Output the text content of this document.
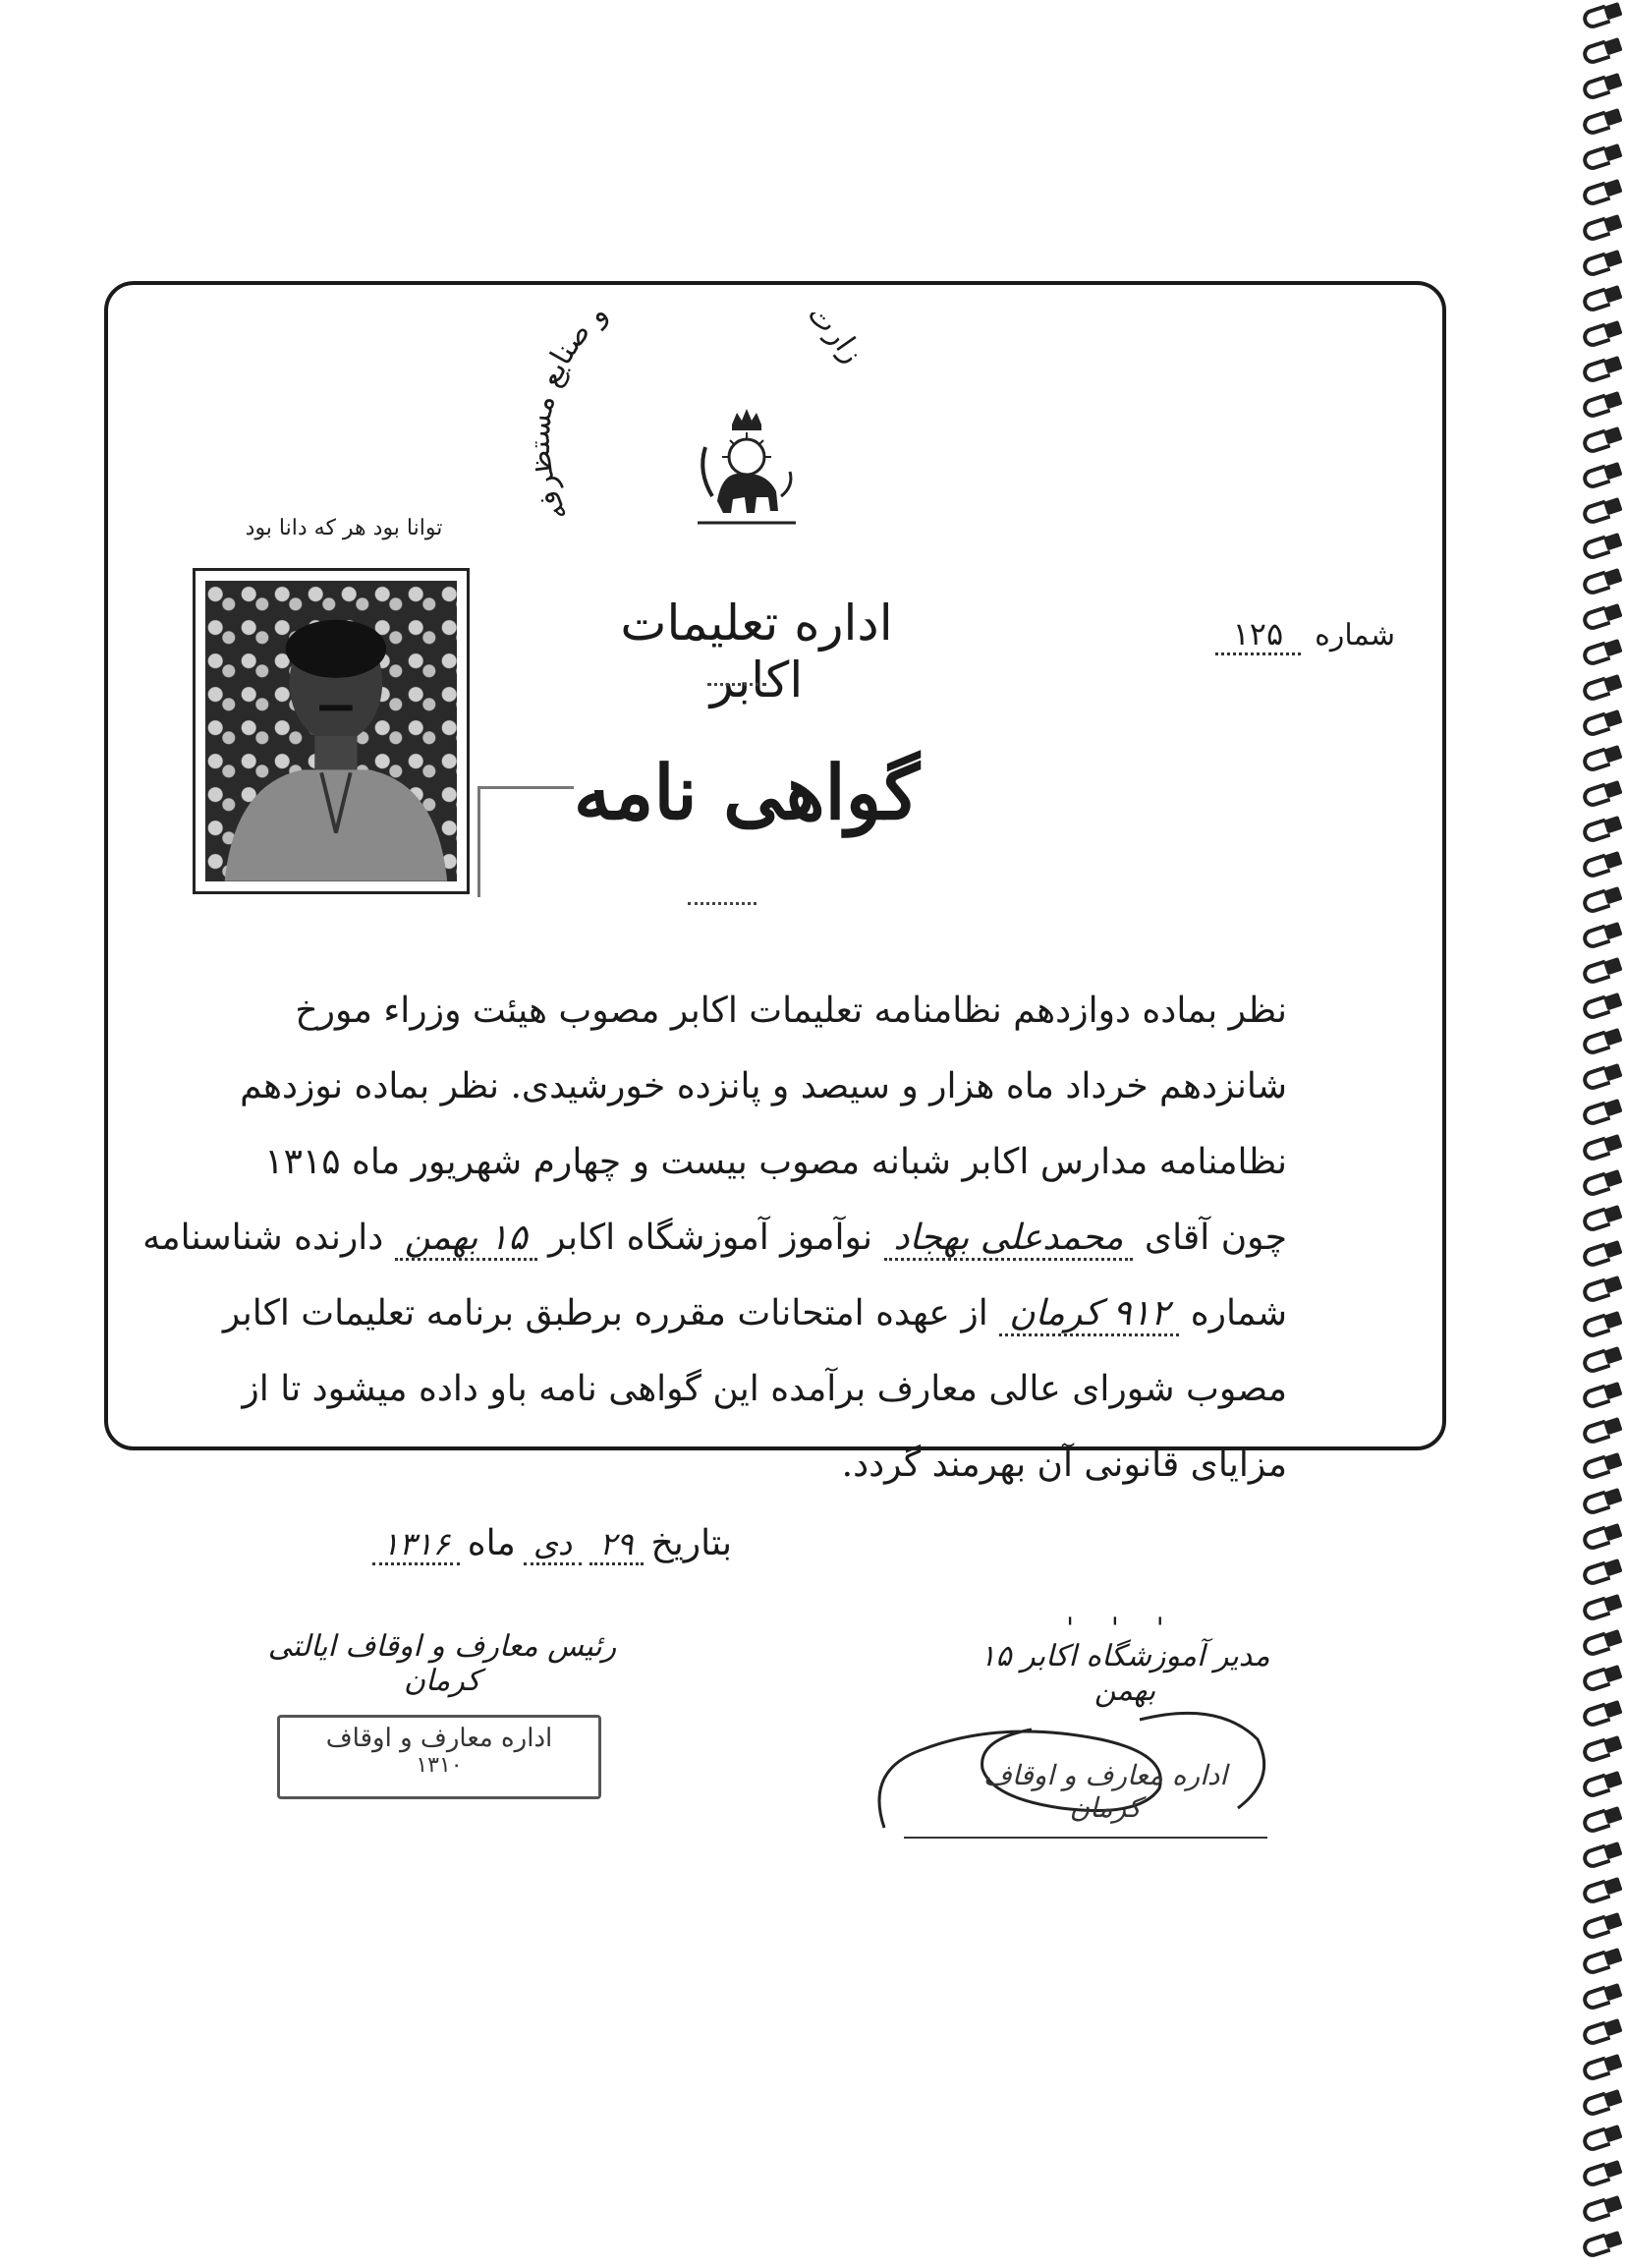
زارت و صنایع ه
توانا بود هر که دانا بود
اداره تعلیمات اکابر
شماره
۱۲۵
گواهی نامه
نظر بماده دوازدهم نظامنامه تعلیمات اکابر مصوب هیئت وزراء مورخ
شانزدهم خرداد ماه هزار و سیصد و پانزده خورشیدی. نظر بماده نوزدهم
نظامنامه مدارس اکابر شبانه مصوب بیست و چهارم شهریور ماه ۱۳۱۵
چون آقای محمدعلی بهجاد نوآموز آموزشگاه اکابر ۱۵ بهمن دارنده شناسنامه
شماره ۹۱۲ کرمان از عهده امتحانات مقرره برطبق برنامه تعلیمات اکابر
مصوب شورای عالی معارف برآمده این گواهی نامه باو داده میشود تا از
مزایای قانونی آن بهرمند گردد.
بتاریخ
۲۹
دی
ماه
۱۳۱۶
' ' '
رئیس معارف و اوقاف ایالتی کرمان
اداره معارف و اوقاف
۱۳۱۰
مدیر آموزشگاه اکابر ۱۵ بهمن
اداره معارف و اوقاف کرمان
